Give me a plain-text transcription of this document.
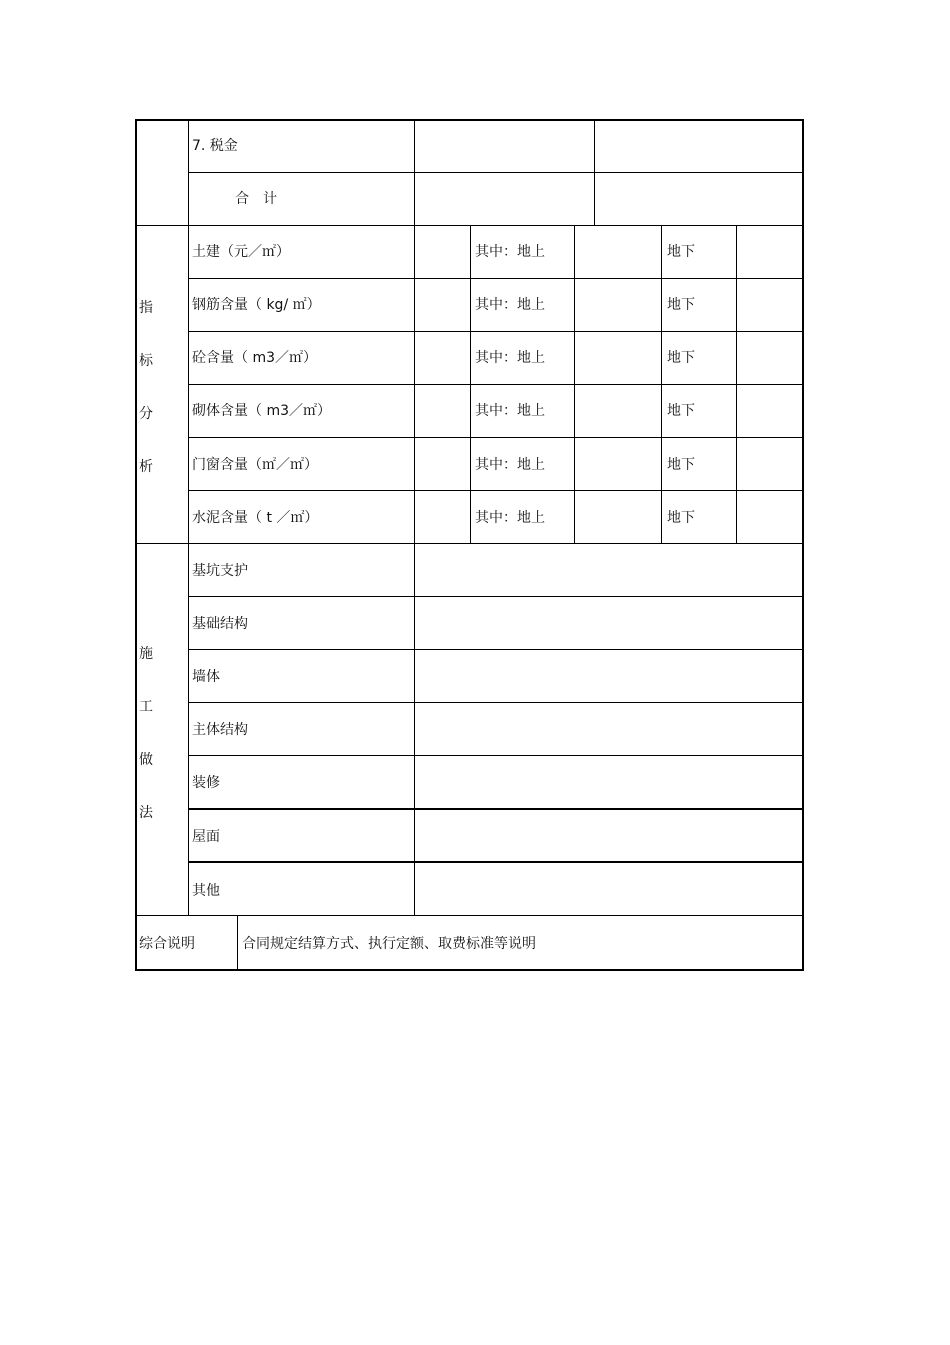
7. 税金
合　计
指
标
分
析
土建（元／㎡）	其中：地上	地下
钢筋含量（ kg/ ㎡）	其中：地上	地下
砼含量（ m3／㎡）	其中：地上	地下
砌体含量（ m3／㎡）	其中：地上	地下
门窗含量（㎡／㎡）	其中：地上	地下
水泥含量（ t ／㎡）	其中：地上	地下
施
工
做
法
基坑支护
基础结构
墙体
主体结构
装修
屋面
其他
综合说明	合同规定结算方式、执行定额、取费标准等说明
